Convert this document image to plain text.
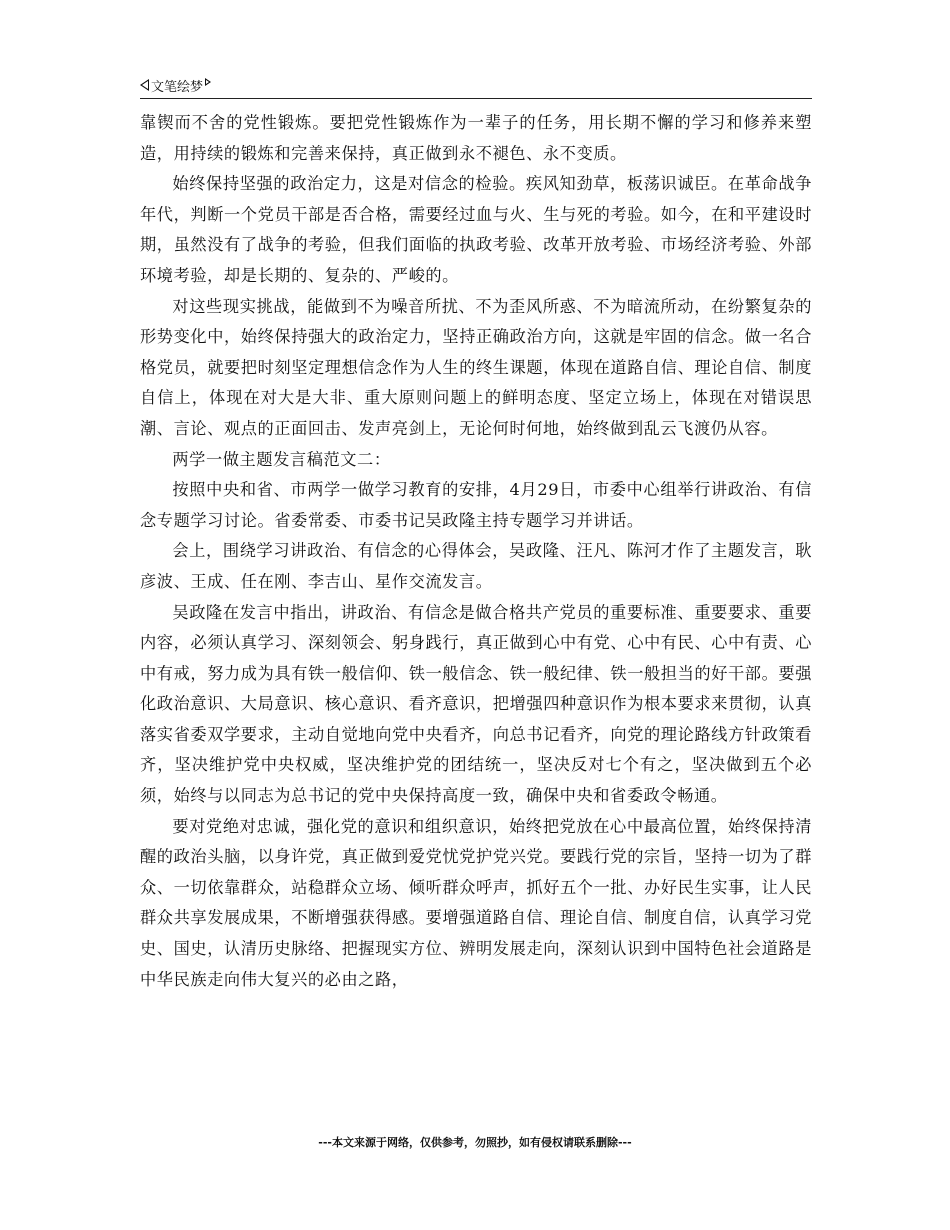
文笔绘梦

靠锲而不舍的党性锻炼。要把党性锻炼作为一辈子的任务，用长期不懈的学习和修养来塑造，用持续的锻炼和完善来保持，真正做到永不褪色、永不变质。

始终保持坚强的政治定力，这是对信念的检验。疾风知劲草，板荡识诚臣。在革命战争年代，判断一个党员干部是否合格，需要经过血与火、生与死的考验。如今，在和平建设时期，虽然没有了战争的考验，但我们面临的执政考验、改革开放考验、市场经济考验、外部环境考验，却是长期的、复杂的、严峻的。

对这些现实挑战，能做到不为噪音所扰、不为歪风所惑、不为暗流所动，在纷繁复杂的形势变化中，始终保持强大的政治定力，坚持正确政治方向，这就是牢固的信念。做一名合格党员，就要把时刻坚定理想信念作为人生的终生课题，体现在道路自信、理论自信、制度自信上，体现在对大是大非、重大原则问题上的鲜明态度、坚定立场上，体现在对错误思潮、言论、观点的正面回击、发声亮剑上，无论何时何地，始终做到乱云飞渡仍从容。

两学一做主题发言稿范文二：

按照中央和省、市两学一做学习教育的安排，4月29日，市委中心组举行讲政治、有信念专题学习讨论。省委常委、市委书记吴政隆主持专题学习并讲话。

会上，围绕学习讲政治、有信念的心得体会，吴政隆、汪凡、陈河才作了主题发言，耿彦波、王成、任在刚、李吉山、星作交流发言。

吴政隆在发言中指出，讲政治、有信念是做合格共产党员的重要标准、重要要求、重要内容，必须认真学习、深刻领会、躬身践行，真正做到心中有党、心中有民、心中有责、心中有戒，努力成为具有铁一般信仰、铁一般信念、铁一般纪律、铁一般担当的好干部。要强化政治意识、大局意识、核心意识、看齐意识，把增强四种意识作为根本要求来贯彻，认真落实省委双学要求，主动自觉地向党中央看齐，向总书记看齐，向党的理论路线方针政策看齐，坚决维护党中央权威，坚决维护党的团结统一，坚决反对七个有之，坚决做到五个必须，始终与以同志为总书记的党中央保持高度一致，确保中央和省委政令畅通。

要对党绝对忠诚，强化党的意识和组织意识，始终把党放在心中最高位置，始终保持清醒的政治头脑，以身许党，真正做到爱党忧党护党兴党。要践行党的宗旨，坚持一切为了群众、一切依靠群众，站稳群众立场、倾听群众呼声，抓好五个一批、办好民生实事，让人民群众共享发展成果，不断增强获得感。要增强道路自信、理论自信、制度自信，认真学习党史、国史，认清历史脉络、把握现实方位、辨明发展走向，深刻认识到中国特色社会道路是中华民族走向伟大复兴的必由之路，

---本文来源于网络，仅供参考，勿照抄，如有侵权请联系删除---
